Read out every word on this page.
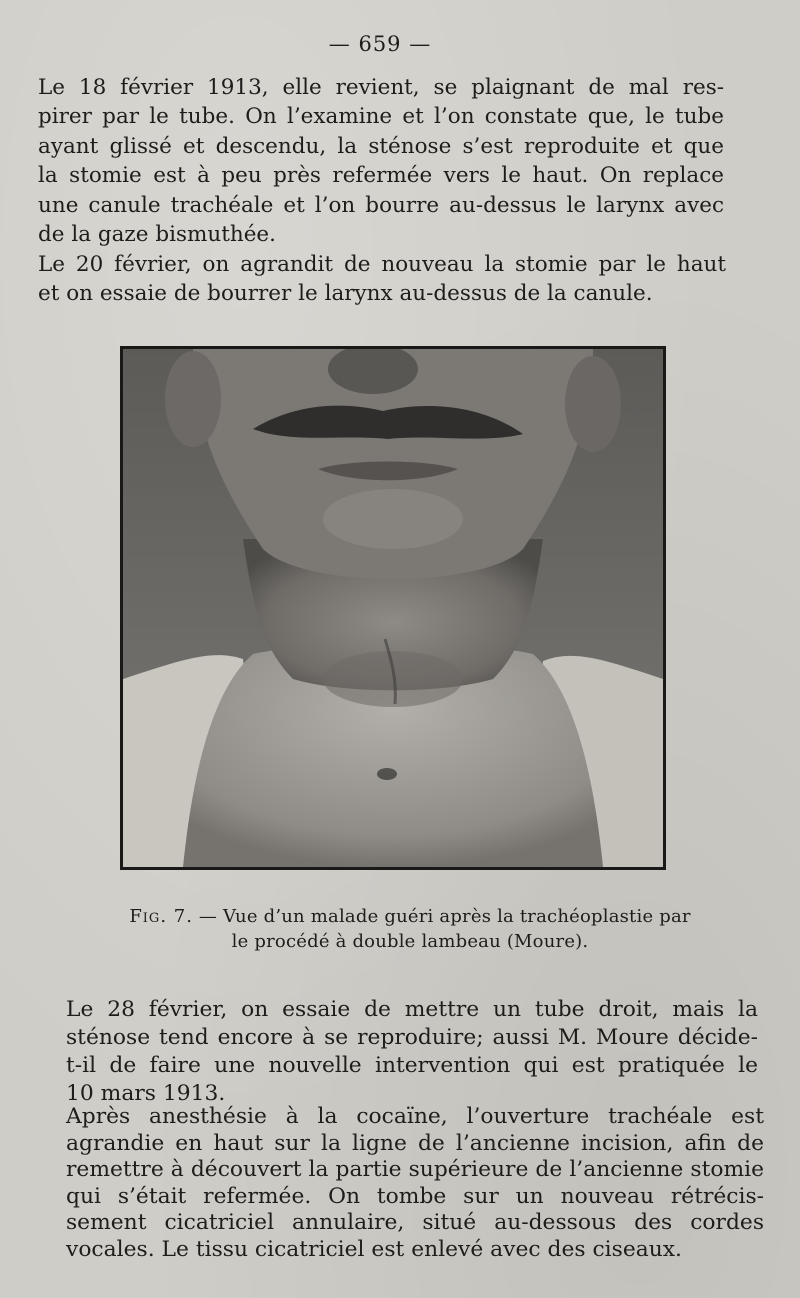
— 659 —

Le 18 février 1913, elle revient, se plaignant de mal res-
pirer par le tube. On l’examine et l’on constate que, le tube
ayant glissé et descendu, la sténose s’est reproduite et que
la stomie est à peu près refermée vers le haut. On replace
une canule trachéale et l’on bourre au-dessus le larynx avec
de la gaze bismuthée.

Le 20 février, on agrandit de nouveau la stomie par le haut
et on essaie de bourrer le larynx au-dessus de la canule.

Fig. 7. — Vue d’un malade guéri après la trachéoplastie par
le procédé à double lambeau (Moure).

Le 28 février, on essaie de mettre un tube droit, mais la
sténose tend encore à se reproduire; aussi M. Moure décide-
t-il de faire une nouvelle intervention qui est pratiquée le
10 mars 1913.

Après anesthésie à la cocaïne, l’ouverture trachéale est
agrandie en haut sur la ligne de l’ancienne incision, afin de
remettre à découvert la partie supérieure de l’ancienne stomie
qui s’était refermée. On tombe sur un nouveau rétrécis-
sement cicatriciel annulaire, situé au-dessous des cordes
vocales. Le tissu cicatriciel est enlevé avec des ciseaux.
